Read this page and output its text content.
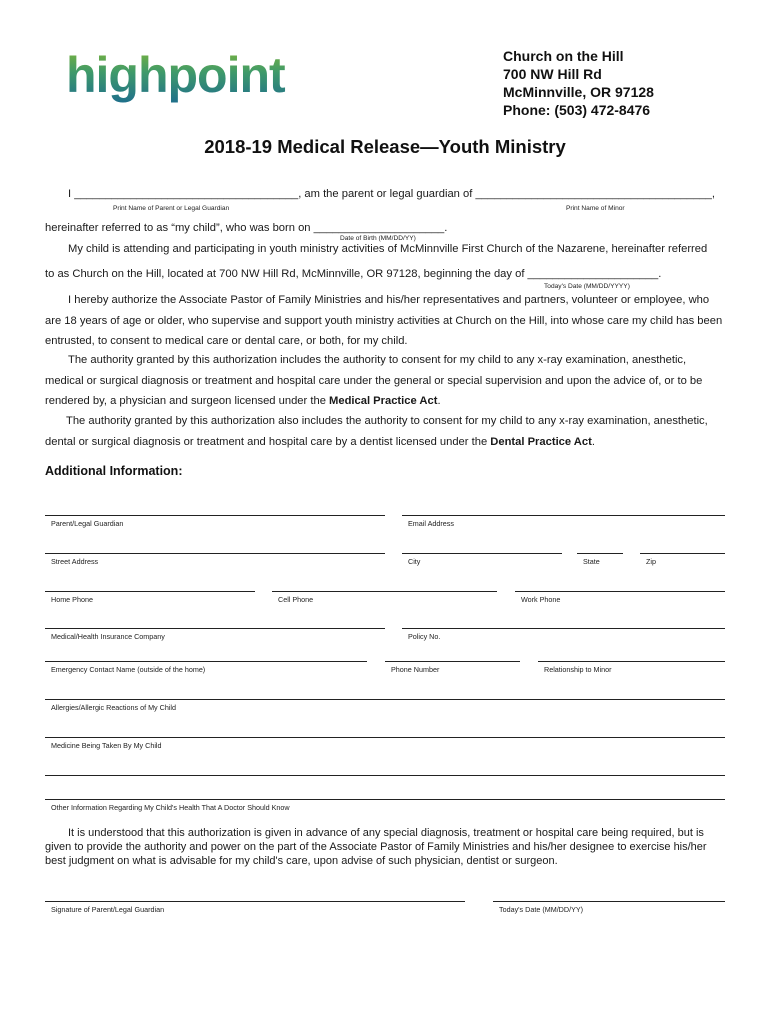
highpoint	Church on the Hill
700 NW Hill Rd
McMinnville, OR 97128
Phone: (503) 472-8476
2018-19 Medical Release—Youth Ministry
I ____________________________________, am the parent or legal guardian of ______________________________________,
Print Name of Parent or Legal Guardian	Print Name of Minor
hereinafter referred to as “my child”, who was born on _____________________.
Date of Birth (MM/DD/YY)
My child is attending and participating in youth ministry activities of McMinnville First Church of the Nazarene, hereinafter referred
to as Church on the Hill, located at 700 NW Hill Rd, McMinnville, OR 97128, beginning the day of _____________________.
Today's Date (MM/DD/YYYY)
I hereby authorize the Associate Pastor of Family Ministries and his/her representatives and partners, volunteer or employee, who are 18 years of age or older, who supervise and support youth ministry activities at Church on the Hill, into whose care my child has been entrusted, to consent to medical care or dental care, or both, for my child.
The authority granted by this authorization includes the authority to consent for my child to any x-ray examination, anesthetic, medical or surgical diagnosis or treatment and hospital care under the general or special supervision and upon the advice of, or to be rendered by, a physician and surgeon licensed under the Medical Practice Act.
The authority granted by this authorization also includes the authority to consent for my child to any x-ray examination, anesthetic, dental or surgical diagnosis or treatment and hospital care by a dentist licensed under the Dental Practice Act.
Additional Information:
Parent/Legal Guardian	Email Address
Street Address	City	State	Zip
Home Phone	Cell Phone	Work Phone
Medical/Health Insurance Company	Policy No.
Emergency Contact Name (outside of the home)	Phone Number	Relationship to Minor
Allergies/Allergic Reactions of My Child
Medicine Being Taken By My Child
Other Information Regarding My Child's Health That A Doctor Should Know
It is understood that this authorization is given in advance of any special diagnosis, treatment or hospital care being required, but is given to provide the authority and power on the part of the Associate Pastor of Family Ministries and his/her designee to exercise his/her best judgment on what is advisable for my child's care, upon advise of such physician, dentist or surgeon.
Signature of Parent/Legal Guardian	Today's Date (MM/DD/YY)
